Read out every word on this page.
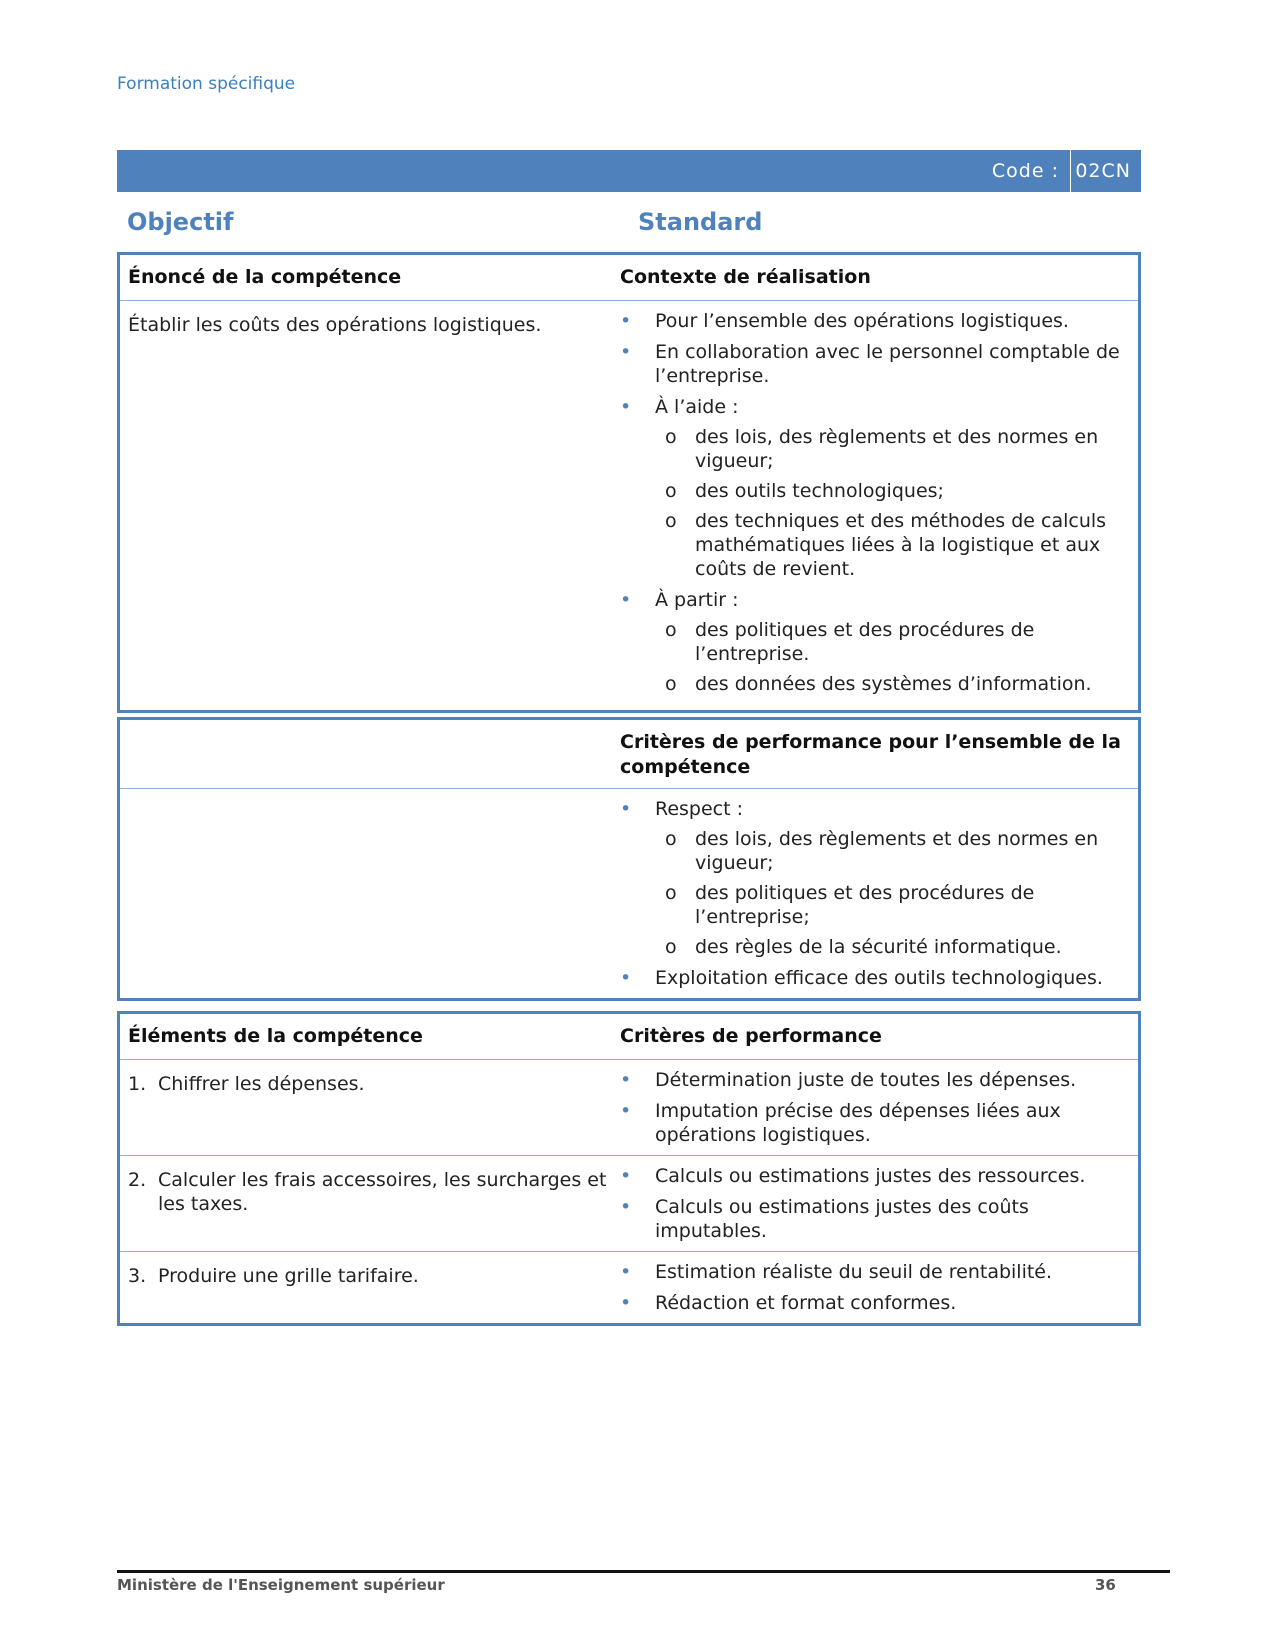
Formation spécifique
Code : 02CN
Objectif	Standard
Énoncé de la compétence	Contexte de réalisation
Établir les coûts des opérations logistiques.	• Pour l’ensemble des opérations logistiques.
• En collaboration avec le personnel comptable de l’entreprise.
• À l’aide :
o des lois, des règlements et des normes en vigueur;
o des outils technologiques;
o des techniques et des méthodes de calculs mathématiques liées à la logistique et aux coûts de revient.
• À partir :
o des politiques et des procédures de l’entreprise.
o des données des systèmes d’information.
Critères de performance pour l’ensemble de la compétence
• Respect :
o des lois, des règlements et des normes en vigueur;
o des politiques et des procédures de l’entreprise;
o des règles de la sécurité informatique.
• Exploitation efficace des outils technologiques.
Éléments de la compétence	Critères de performance
1. Chiffrer les dépenses.	• Détermination juste de toutes les dépenses.
• Imputation précise des dépenses liées aux opérations logistiques.
2. Calculer les frais accessoires, les surcharges et les taxes.
• Calculs ou estimations justes des ressources.
• Calculs ou estimations justes des coûts imputables.
3. Produire une grille tarifaire.	• Estimation réaliste du seuil de rentabilité.
• Rédaction et format conformes.
Ministère de l'Enseignement supérieur	36
